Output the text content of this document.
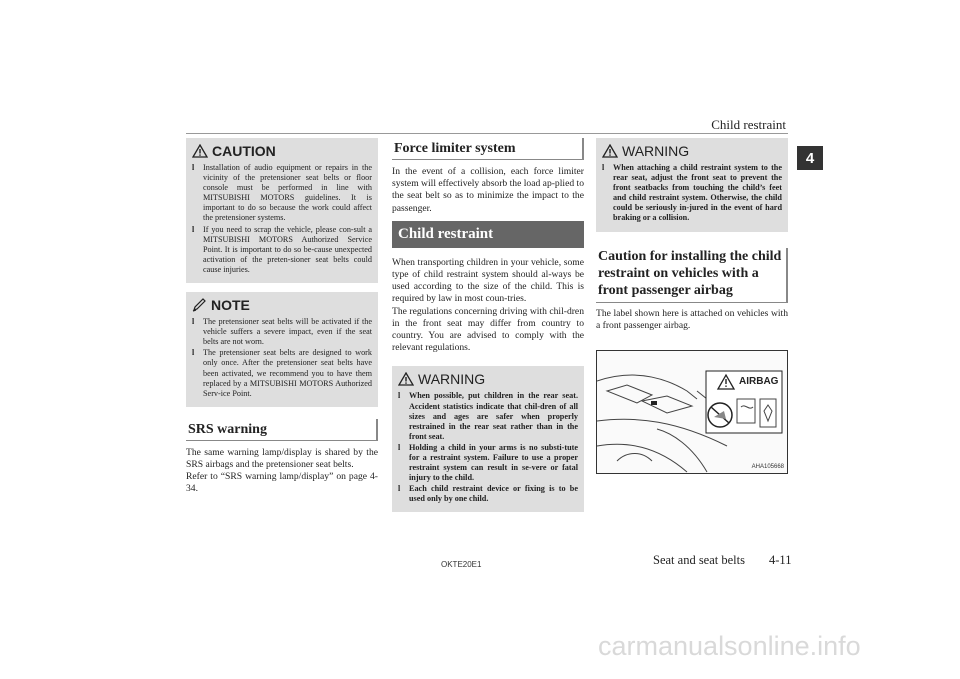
Child restraint
4
CAUTION
l Installation of audio equipment or repairs in the vicinity of the pretensioner seat belts or floor console must be performed in line with MITSUBISHI MOTORS guidelines. It is important to do so because the work could affect the pretensioner systems.
l If you need to scrap the vehicle, please con-sult a MITSUBISHI MOTORS Authorized Service Point. It is important to do so be-cause unexpected activation of the preten-sioner seat belts could cause injuries.
NOTE
l The pretensioner seat belts will be activated if the vehicle suffers a severe impact, even if the seat belts are not worn.
l The pretensioner seat belts are designed to work only once. After the pretensioner seat belts have been activated, we recommend you to have them replaced by a MITSUBISHI MOTORS Authorized Serv-ice Point.
SRS warning

The same warning lamp/display is shared by the SRS airbags and the pretensioner seat belts.
Refer to “SRS warning lamp/display” on page 4-34.

Force limiter system

In the event of a collision, each force limiter system will effectively absorb the load ap-plied to the seat belt so as to minimize the impact to the passenger.

Child restraint

When transporting children in your vehicle, some type of child restraint system should al-ways be used according to the size of the child. This is required by law in most coun-tries.
The regulations concerning driving with chil-dren in the front seat may differ from country to country. You are advised to comply with the relevant regulations.

WARNING
l When possible, put children in the rear seat. Accident statistics indicate that chil-dren of all sizes and ages are safer when properly restrained in the rear seat rather than in the front seat.
l Holding a child in your arms is no substi-tute for a restraint system. Failure to use a proper restraint system can result in se-vere or fatal injury to the child.
l Each child restraint device or fixing is to be used only by one child.
WARNING
l When attaching a child restraint system to the rear seat, adjust the front seat to prevent the front seatbacks from touching the child’s feet and child restraint system. Otherwise, the child could be seriously in-jured in the event of hard braking or a collision.
Caution for installing the child restraint on vehicles with a front passenger airbag

The label shown here is attached on vehicles with a front passenger airbag.

AIRBAG
AHA105668
OKTE20E1	Seat and seat belts 4-11
carmanualsonline.info
